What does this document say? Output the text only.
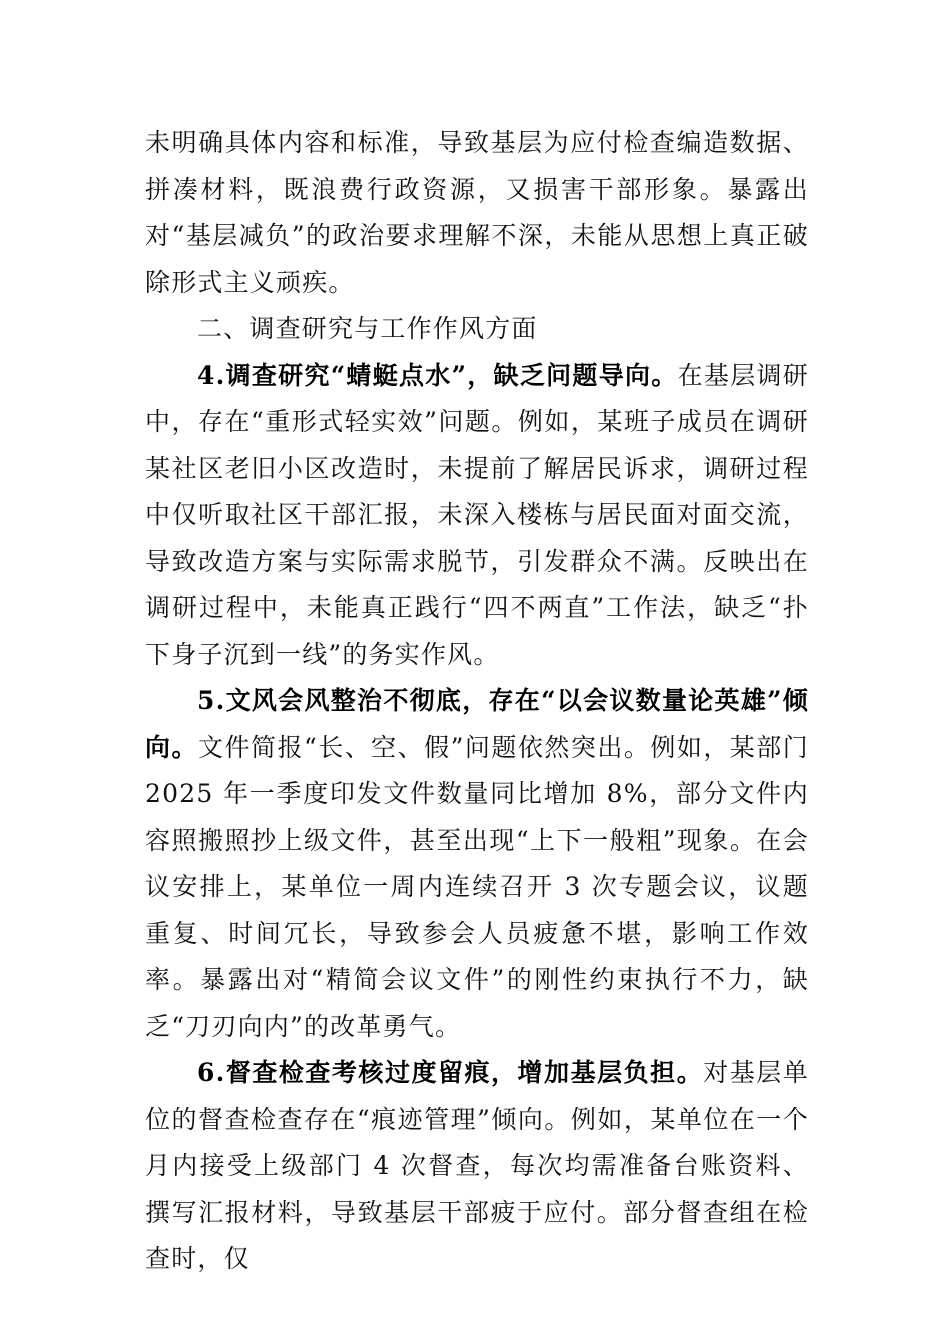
未明确具体内容和标准，导致基层为应付检查编造数据、拼凑材料，既浪费行政资源，又损害干部形象。暴露出对“基层减负”的政治要求理解不深，未能从思想上真正破除形式主义顽疾。

二、调查研究与工作作风方面

4.调查研究“蜻蜓点水”，缺乏问题导向。在基层调研中，存在“重形式轻实效”问题。例如，某班子成员在调研某社区老旧小区改造时，未提前了解居民诉求，调研过程中仅听取社区干部汇报，未深入楼栋与居民面对面交流，导致改造方案与实际需求脱节，引发群众不满。反映出在调研过程中，未能真正践行“四不两直”工作法，缺乏“扑下身子沉到一线”的务实作风。

5.文风会风整治不彻底，存在“以会议数量论英雄”倾向。文件简报“长、空、假”问题依然突出。例如，某部门 2025 年一季度印发文件数量同比增加 8%，部分文件内容照搬照抄上级文件，甚至出现“上下一般粗”现象。在会议安排上，某单位一周内连续召开 3 次专题会议，议题重复、时间冗长，导致参会人员疲惫不堪，影响工作效率。暴露出对“精简会议文件”的刚性约束执行不力，缺乏“刀刃向内”的改革勇气。

6.督查检查考核过度留痕，增加基层负担。对基层单位的督查检查存在“痕迹管理”倾向。例如，某单位在一个月内接受上级部门 4 次督查，每次均需准备台账资料、撰写汇报材料，导致基层干部疲于应付。部分督查组在检查时，仅
